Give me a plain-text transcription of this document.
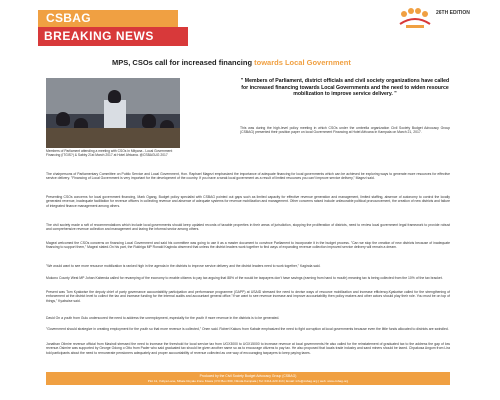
CSBAG
BREAKING NEWS
26TH EDITION
MPS, CSOs call for increased financing towards Local Government
Members of Parliament attending a meeting with CSOs in Mityana - Local Government Financing (ITGIS?) & Sabby 21st March 2017 at Hotel Africana. @CSBAGUG 2017
" Members of Parliament, district officials and civil society organizations have called for increased financing towards Local Governments and the need to widen resource mobilization to improve service delivery. "
This was during the high-level policy meeting in which CSOs under the umbrella organization Civil Society Budget Advocacy Group (CSBAG) presented their position paper on local Government Financing at Hotel Africana in Kampala on March 21, 2017.

The chairpersons of Parliamentary Committee on Public Service and Local Government, Hon. Raphael Magezi emphasized the importance of adequate financing for local governments which can be achieved be exploring ways to generate more resources for effective service delivery. "Financing of Local Government is very important for the development of the country. If you have a weak local government as a result of limited resources you can't improve service delivery," Magezi said.

Presenting CSOs concerns for local government financing, Mark Ogang, Budget policy specialist with CSBAG pointed out gaps such as limited capacity for effective revenue generation and management, limited staffing, absence of autonomy to control the locally generated revenue, inadequate facilitation for revenue officers in collecting revenue and absence of adequate systems for revenue mobilization and management. Other concerns raised include unfavorable political pronouncement, the creation of new districts and failure of integrated finance management among others.

The civil society made a raft of recommendations which include local governments should keep updated records of taxable properties in their areas of jurisdiction, stopping the proliferation of districts, need to review local government legal framework to provide robust and comprehensive revenue collection and management and taxing the informal sector among others.

Magezi welcomed the CSOs concerns on financing Local Government and said his committee was going to use it as a master document to convince Parliament to incorporate it in the budget process. "Can we stop the creation of new districts because of inadequate financing to support them," Magezi stated.On his part, the Rukiriga MP Ronald Kaginda observed that unless the district leaders work together to find ways of expanding revenue collection improved service delivery will remain a dream.

"We would want to see more resource mobilization is ranked high in the agenda in the districts to improve service delivery and the district leaders need to work together," Kaginda said.

Mukono County West MP Johan Kabenda called for revamping of the economy to enable citizens to pay tax arguing that 88% of the would be taxpayers don't have savings (earning from hand to mouth) meaning tax is being collected from the 10% of the tax bracket.

Present was Tom Kyakwise the deputy chief of party governance accountability participation and performance programme (GAPP) at USAID stressed the need to devise ways of resource mobilization and increase efficiency.Kyakwise called for the strengthening of enforcement at the district level to collect the tax and increase funding for the internal audits and accountant general office."If we want to see revenue increase and improve accountability then policy makers and other actors should play their role. You must be on top of things," Kyakwise said.

David On a youth from Gulu underscored the need to address the unemployment, especially for the youth if more revenue in the districts is to be generated.

"Government should strategize in creating employment for the youth so that more revenue is collected," Onen said. Robert Kakuru from Kabale emphasized the need to fight corruption at local governments because even the little funds allocated to districts are swindled.

Jonathan Oiimire revenue official from Masindi stressed the need to increase the threshold for local service tax from UGX3000 to UGX15000 to increase revenue at local governments.He also called for the reinstatement of graduated tax to the address the gap of low revenue.Osimire was supported by George Odong o Otto from Pader who said graduated tax should be given another name so as to encourage citizens to pay tax. He also proposed that locals trade industry and sand miners should be taxed. Chpakosa Angom from Lira told participants about the need to remunerate pensioners adequately and proper accountability of revenue collected as one way of encouraging taxpayers to keep paying taxes.

Produced by the Civil Society Budget Advocacy Group (CSBAG)
Plot 11, Vubya Lane, Mbale Royale Zone Kiswa | P.O Box 660, Ntinda Kampala | Tel: 0414-220 413 | Email: info@csbag.org | web: www.csbag.org
